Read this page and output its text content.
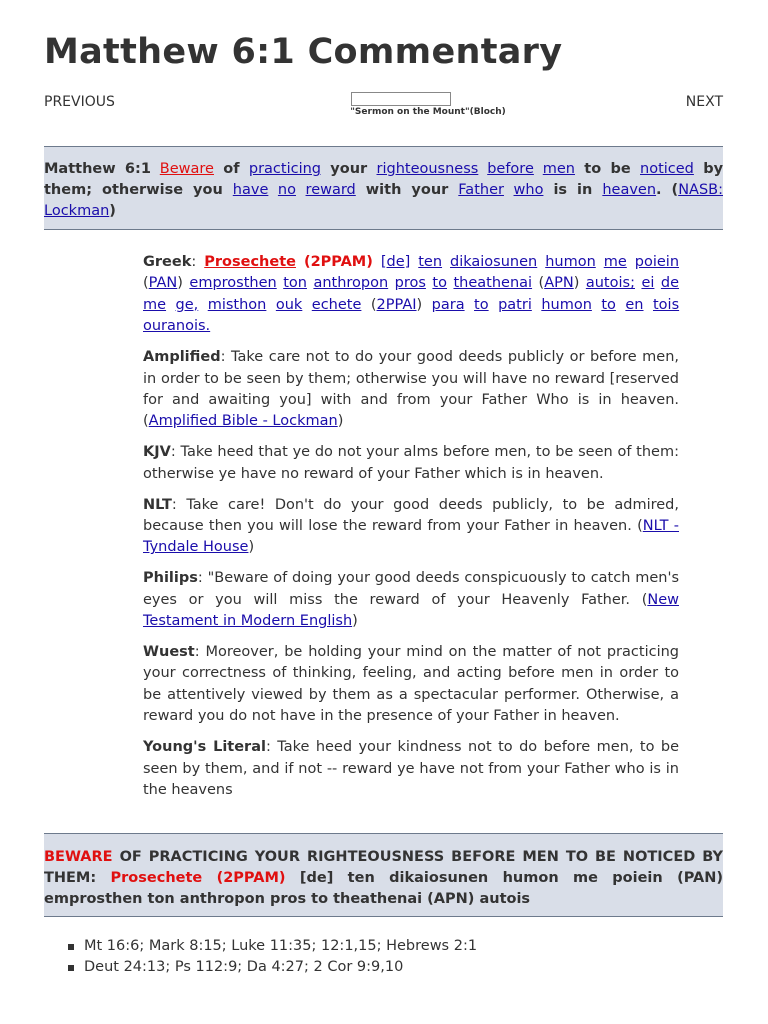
Matthew 6:1 Commentary
PREVIOUS
"Sermon on the Mount"(Bloch)
NEXT
Matthew 6:1 Beware of practicing your righteousness before men to be noticed by them; otherwise you have no reward with your Father who is in heaven. (NASB: Lockman)

Greek: Prosechete (2PPAM) [de] ten dikaiosunen humon me poiein (PAN) emprosthen ton anthropon pros to theathenai (APN) autois; ei de me ge, misthon ouk echete (2PPAI) para to patri humon to en tois ouranois.

Amplified: Take care not to do your good deeds publicly or before men, in order to be seen by them; otherwise you will have no reward [reserved for and awaiting you] with and from your Father Who is in heaven. (Amplified Bible - Lockman)

KJV: Take heed that ye do not your alms before men, to be seen of them: otherwise ye have no reward of your Father which is in heaven.

NLT: Take care! Don't do your good deeds publicly, to be admired, because then you will lose the reward from your Father in heaven. (NLT - Tyndale House)

Philips: "Beware of doing your good deeds conspicuously to catch men's eyes or you will miss the reward of your Heavenly Father. (New Testament in Modern English)

Wuest: Moreover, be holding your mind on the matter of not practicing your correctness of thinking, feeling, and acting before men in order to be attentively viewed by them as a spectacular performer. Otherwise, a reward you do not have in the presence of your Father in heaven.

Young's Literal: Take heed your kindness not to do before men, to be seen by them, and if not -- reward ye have not from your Father who is in the heavens

BEWARE OF PRACTICING YOUR RIGHTEOUSNESS BEFORE MEN TO BE NOTICED BY THEM: Prosechete (2PPAM) [de] ten dikaiosunen humon me poiein (PAN) emprosthen ton anthropon pros to theathenai (APN) autois
Mt 16:6; Mark 8:15; Luke 11:35; 12:1,15; Hebrews 2:1
Deut 24:13; Ps 112:9; Da 4:27; 2 Cor 9:9,10
